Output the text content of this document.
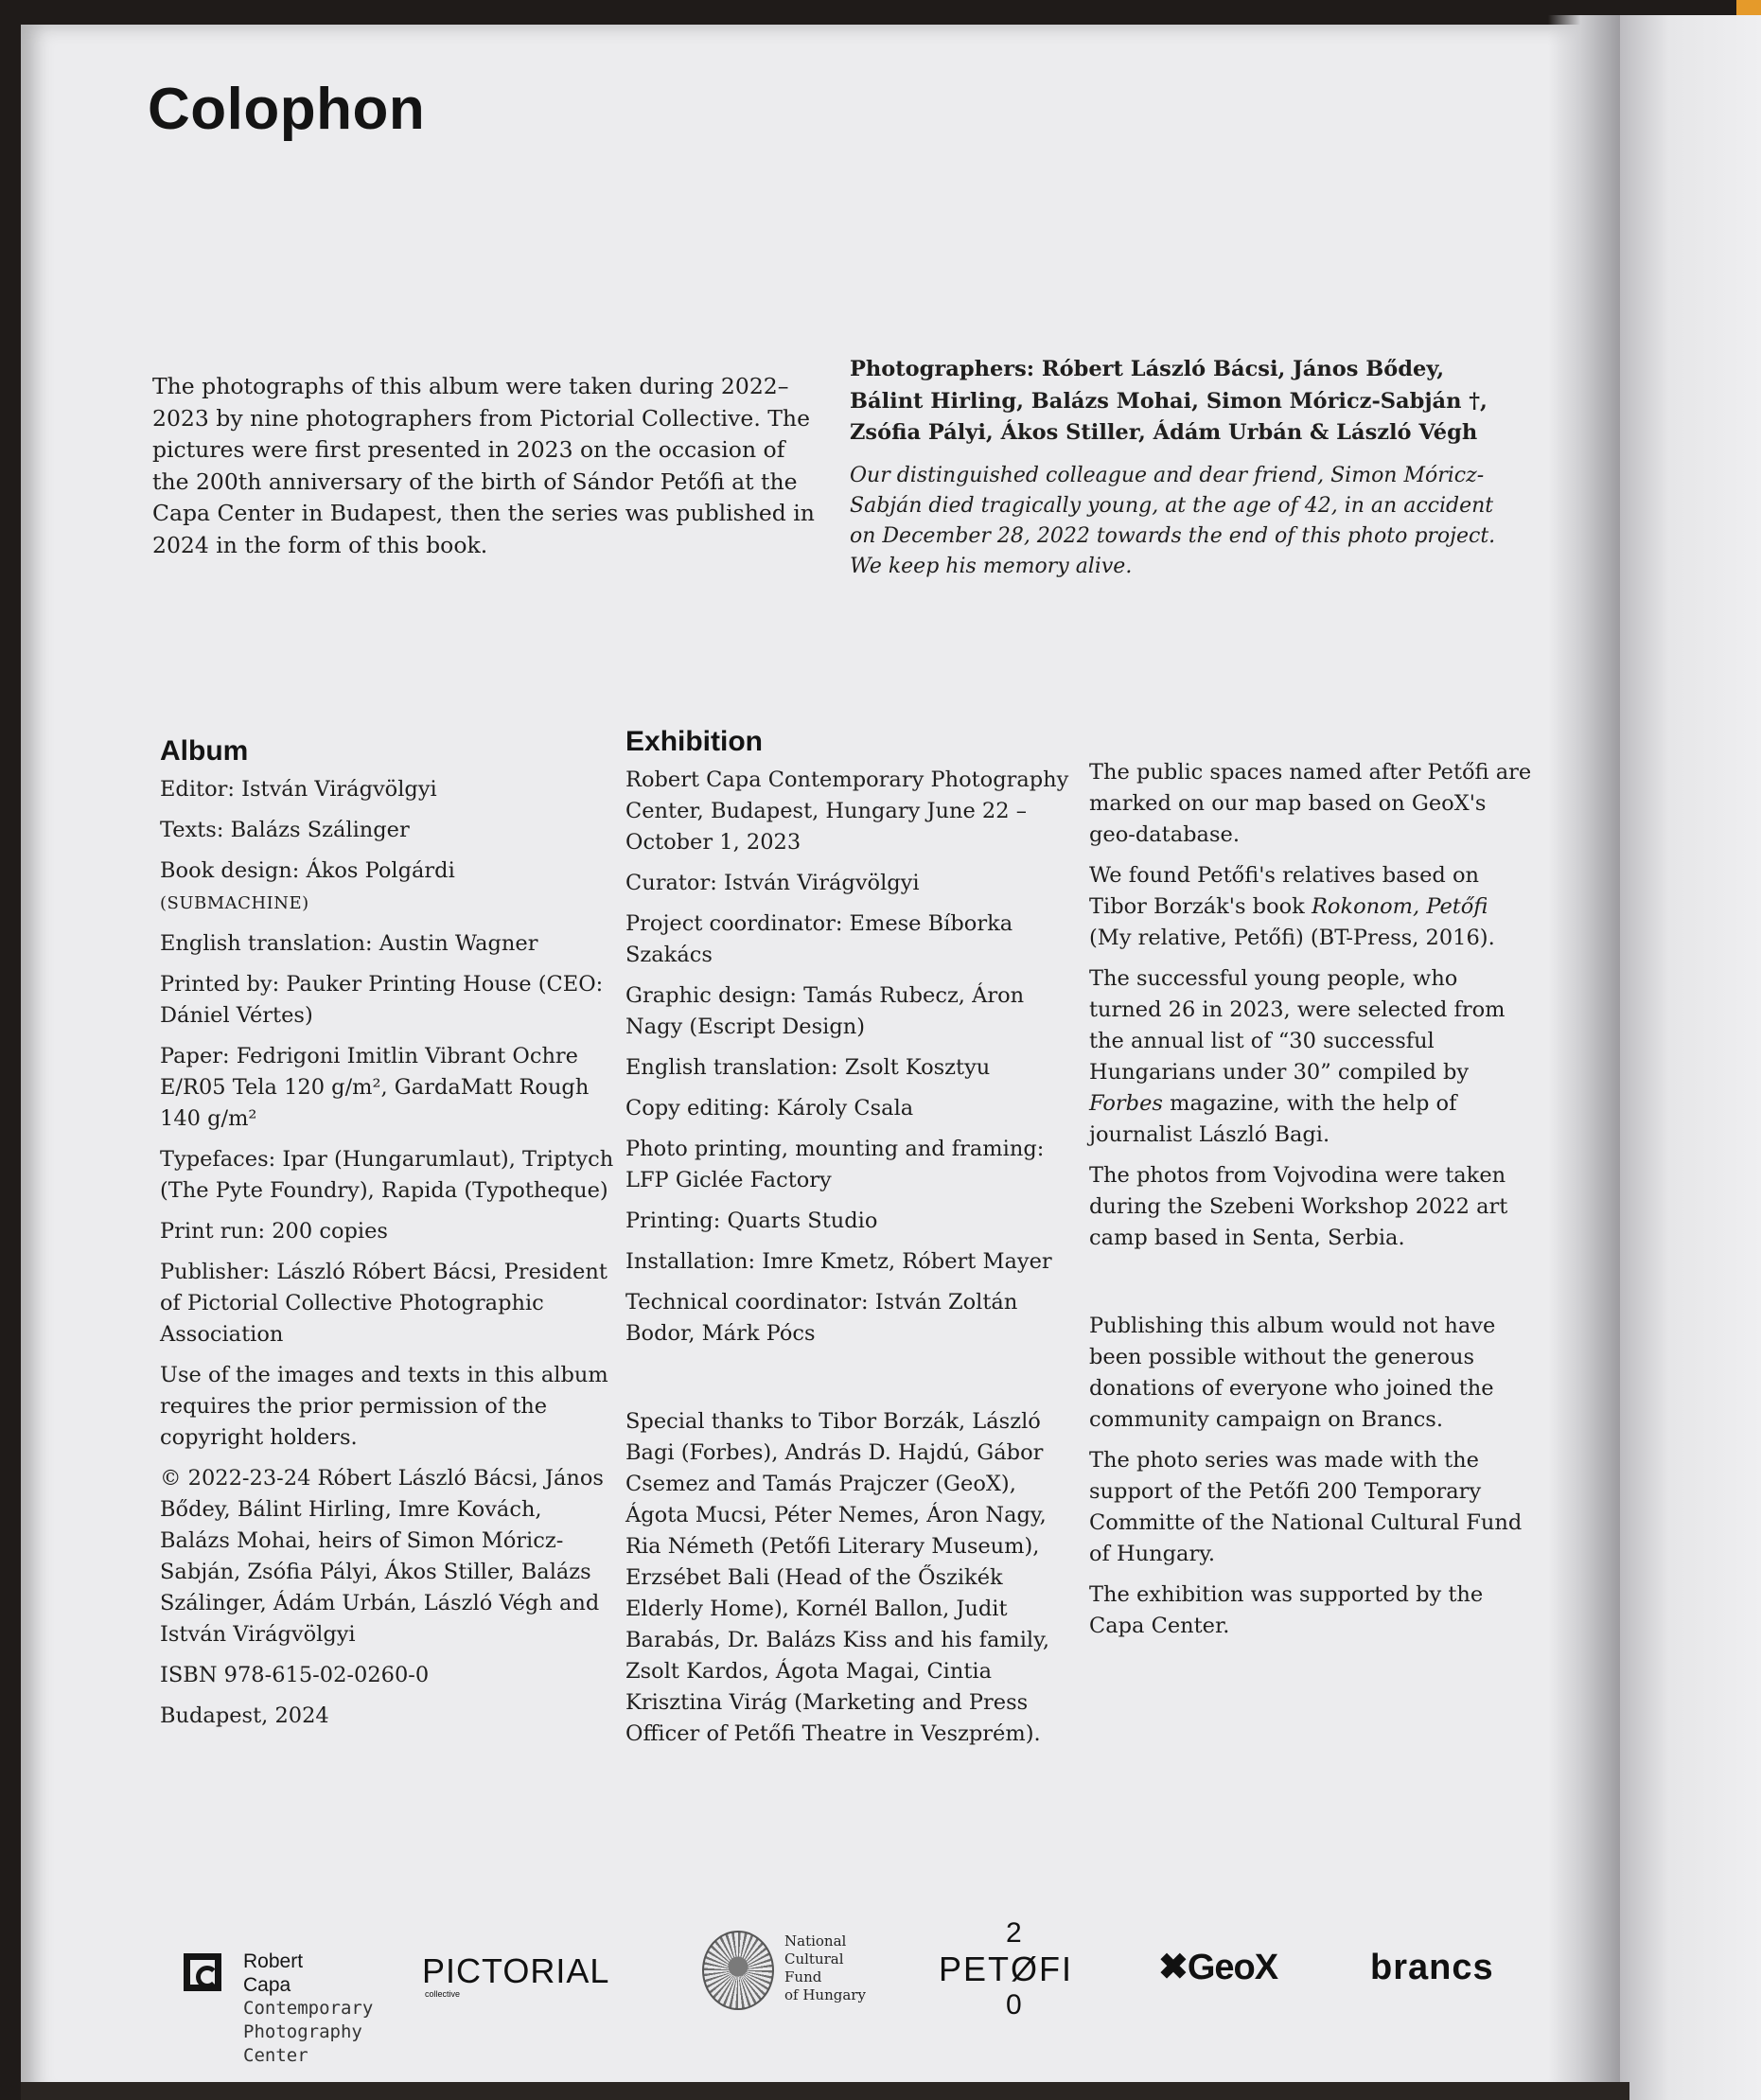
Colophon

The photographs of this album were taken during 2022–2023 by nine photographers from Pictorial Collective. The pictures were first presented in 2023 on the occasion of the 200th anniversary of the birth of Sándor Petőfi at the Capa Center in Budapest, then the series was published in 2024 in the form of this book.

Photographers: Róbert László Bácsi, János Bődey, Bálint Hirling, Balázs Mohai, Simon Móricz-Sabján †, Zsófia Pályi, Ákos Stiller, Ádám Urbán & László Végh

Our distinguished colleague and dear friend, Simon Móricz-Sabján died tragically young, at the age of 42, in an accident on December 28, 2022 towards the end of this photo project. We keep his memory alive.

Album

Editor: István Virágvölgyi

Texts: Balázs Szálinger

Book design: Ákos Polgárdi
(SUBMACHINE)

English translation: Austin Wagner

Printed by: Pauker Printing House (CEO: Dániel Vértes)

Paper: Fedrigoni Imitlin Vibrant Ochre E/R05 Tela 120 g/m², GardaMatt Rough 140 g/m²

Typefaces: Ipar (Hungarumlaut), Triptych (The Pyte Foundry), Rapida (Typotheque)

Print run: 200 copies

Publisher: László Róbert Bácsi, President of Pictorial Collective Photographic Association

Use of the images and texts in this album requires the prior permission of the copyright holders.

© 2022-23-24 Róbert László Bácsi, János Bődey, Bálint Hirling, Imre Kovách, Balázs Mohai, heirs of Simon Móricz-Sabján, Zsófia Pályi, Ákos Stiller, Balázs Szálinger, Ádám Urbán, László Végh and István Virágvölgyi

ISBN 978-615-02-0260-0

Budapest, 2024

Exhibition

Robert Capa Contemporary Photography Center, Budapest, Hungary June 22 – October 1, 2023

Curator: István Virágvölgyi

Project coordinator: Emese Bíborka Szakács

Graphic design: Tamás Rubecz, Áron Nagy (Escript Design)

English translation: Zsolt Kosztyu

Copy editing: Károly Csala

Photo printing, mounting and framing: LFP Giclée Factory

Printing: Quarts Studio

Installation: Imre Kmetz, Róbert Mayer

Technical coordinator: István Zoltán Bodor, Márk Pócs

Special thanks to Tibor Borzák, László Bagi (Forbes), András D. Hajdú, Gábor Csemez and Tamás Prajczer (GeoX), Ágota Mucsi, Péter Nemes, Áron Nagy, Ria Németh (Petőfi Literary Museum), Erzsébet Bali (Head of the Őszikék Elderly Home), Kornél Ballon, Judit Barabás, Dr. Balázs Kiss and his family, Zsolt Kardos, Ágota Magai, Cintia Krisztina Virág (Marketing and Press Officer of Petőfi Theatre in Veszprém).

The public spaces named after Petőfi are marked on our map based on GeoX's geo-database.

We found Petőfi's relatives based on Tibor Borzák's book Rokonom, Petőfi (My relative, Petőfi) (BT-Press, 2016).

The successful young people, who turned 26 in 2023, were selected from the annual list of “30 successful Hungarians under 30” compiled by Forbes magazine, with the help of journalist László Bagi.

The photos from Vojvodina were taken during the Szebeni Workshop 2022 art camp based in Senta, Serbia.

Publishing this album would not have been possible without the generous donations of everyone who joined the community campaign on Brancs.

The photo series was made with the support of the Petőfi 200 Temporary Committe of the National Cultural Fund of Hungary.

The exhibition was supported by the Capa Center.

Robert
Capa
Contemporary
Photography
Center
PICTORIAL
collective
National
Cultural
Fund
of Hungary
2
PETØFI
0
✖GeoX	brancs
